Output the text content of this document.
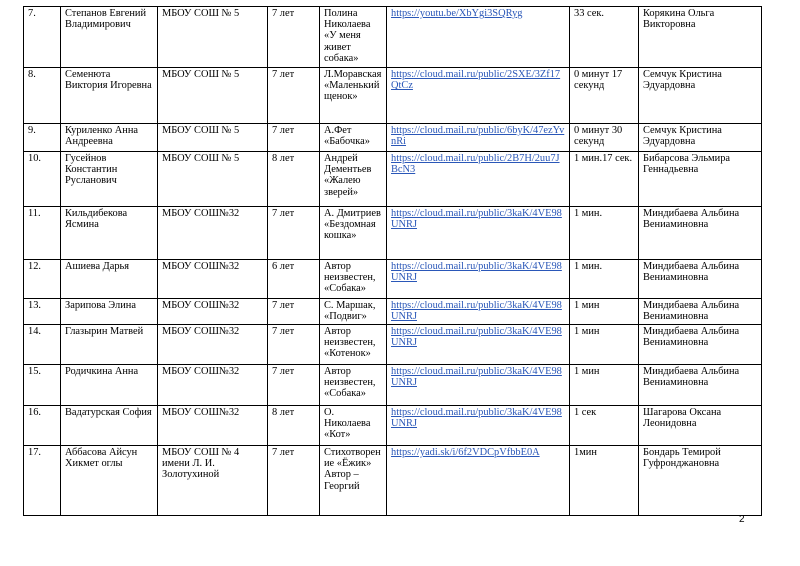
7.	Степанов Евгений Владимирович	МБОУ СОШ № 5	7 лет	Полина Николаева «У меня живет собака»	https://youtu.be/XbYgi3SQRyg	33 сек.	Корякина Ольга Викторовна
8.	Семенюта Виктория Игоревна	МБОУ СОШ № 5	7 лет	Л.Моравская «Маленький щенок»	https://cloud.mail.ru/public/2SXE/3Zf17QtCz	0 минут 17 секунд	Семчук Кристина Эдуардовна
9.	Куриленко Анна Андреевна	МБОУ СОШ № 5	7 лет	А.Фет «Бабочка»	https://cloud.mail.ru/public/6byK/47ezYvnRi	0 минут 30 секунд	Семчук Кристина Эдуардовна
10.	Гусейнов Константин Русланович	МБОУ СОШ № 5	8 лет	Андрей Дементьев «Жалею зверей»	https://cloud.mail.ru/public/2B7H/2uu7JBcN3	1 мин.17 сек.	Бибарсова Эльмира Геннадьевна
11.	Кильдибекова Ясмина	МБОУ СОШ№32	7 лет	А. Дмитриев «Бездомная кошка»	https://cloud.mail.ru/public/3kaK/4VE98UNRJ	1 мин.	Миндибаева Альбина Вениаминовна
12.	Ашиева Дарья	МБОУ СОШ№32	6 лет	Автор неизвестен, «Собака»	https://cloud.mail.ru/public/3kaK/4VE98UNRJ	1 мин.	Миндибаева Альбина Вениаминовна
13.	Зарипова Элина	МБОУ СОШ№32	7 лет	С. Маршак, «Подвиг»	https://cloud.mail.ru/public/3kaK/4VE98UNRJ	1 мин	Миндибаева Альбина Вениаминовна
14.	Глазырин Матвей	МБОУ СОШ№32	7 лет	Автор неизвестен, «Котенок»	https://cloud.mail.ru/public/3kaK/4VE98UNRJ	1 мин	Миндибаева Альбина Вениаминовна
15.	Родичкина Анна	МБОУ СОШ№32	7 лет	Автор неизвестен, «Собака»	https://cloud.mail.ru/public/3kaK/4VE98UNRJ	1 мин	Миндибаева Альбина Вениаминовна
16.	Вадатурская София	МБОУ СОШ№32	8 лет	О. Николаева «Кот»	https://cloud.mail.ru/public/3kaK/4VE98UNRJ	1 сек	Шагарова Оксана Леонидовна
17.	Аббасова Айсун Хикмет оглы	МБОУ СОШ № 4 имени Л. И. Золотухиной	7 лет	Стихотворение «Ёжик» Автор – Георгий	https://yadi.sk/i/6f2VDCpVfbbE0A	1мин	Бондарь Темирой Гуфронджановна
2
